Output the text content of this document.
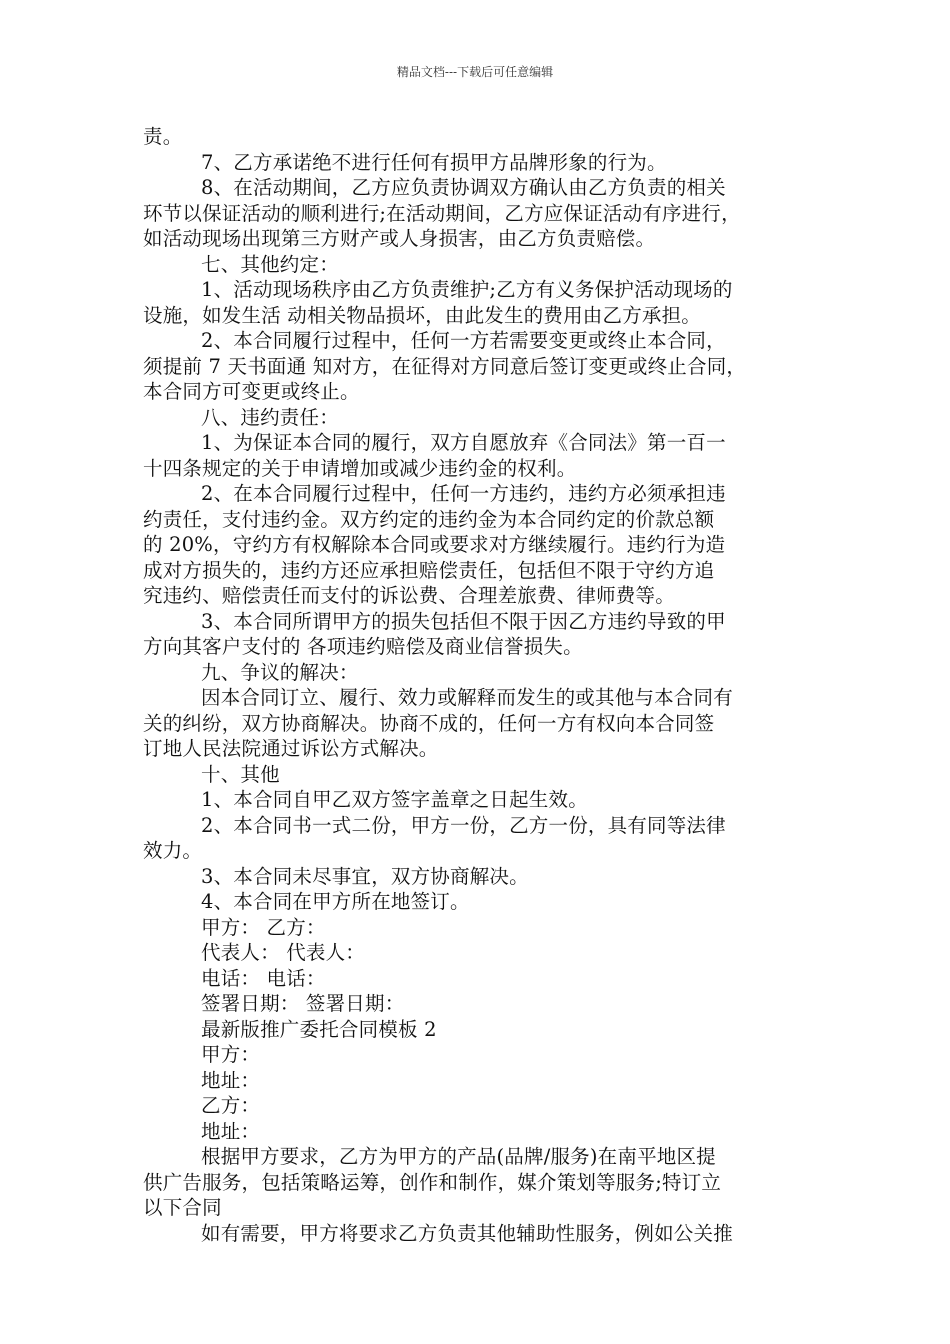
精品文档---下载后可任意编辑
责。
7、乙方承诺绝不进行任何有损甲方品牌形象的行为。
8、在活动期间，乙方应负责协调双方确认由乙方负责的相关
环节以保证活动的顺利进行;在活动期间，乙方应保证活动有序进行，
如活动现场出现第三方财产或人身损害，由乙方负责赔偿。
七、其他约定：
1、活动现场秩序由乙方负责维护;乙方有义务保护活动现场的
设施，如发生活 动相关物品损坏，由此发生的费用由乙方承担。
2、本合同履行过程中，任何一方若需要变更或终止本合同，
须提前 7 天书面通 知对方，在征得对方同意后签订变更或终止合同，
本合同方可变更或终止。
八、违约责任：
1、为保证本合同的履行，双方自愿放弃《合同法》第一百一
十四条规定的关于申请增加或减少违约金的权利。
2、在本合同履行过程中，任何一方违约，违约方必须承担违
约责任，支付违约金。双方约定的违约金为本合同约定的价款总额
的 20%，守约方有权解除本合同或要求对方继续履行。违约行为造
成对方损失的，违约方还应承担赔偿责任，包括但不限于守约方追
究违约、赔偿责任而支付的诉讼费、合理差旅费、律师费等。
3、本合同所谓甲方的损失包括但不限于因乙方违约导致的甲
方向其客户支付的 各项违约赔偿及商业信誉损失。
九、争议的解决：
因本合同订立、履行、效力或解释而发生的或其他与本合同有
关的纠纷，双方协商解决。协商不成的，任何一方有权向本合同签
订地人民法院通过诉讼方式解决。
十、其他
1、本合同自甲乙双方签字盖章之日起生效。
2、本合同书一式二份，甲方一份，乙方一份，具有同等法律
效力。
3、本合同未尽事宜，双方协商解决。
4、本合同在甲方所在地签订。
甲方： 乙方：
代表人： 代表人：
电话： 电话：
签署日期： 签署日期：
最新版推广委托合同模板 2
甲方：
地址：
乙方：
地址：
根据甲方要求，乙方为甲方的产品(品牌/服务)在南平地区提
供广告服务，包括策略运筹，创作和制作，媒介策划等服务;特订立
以下合同
如有需要，甲方将要求乙方负责其他辅助性服务，例如公关推
